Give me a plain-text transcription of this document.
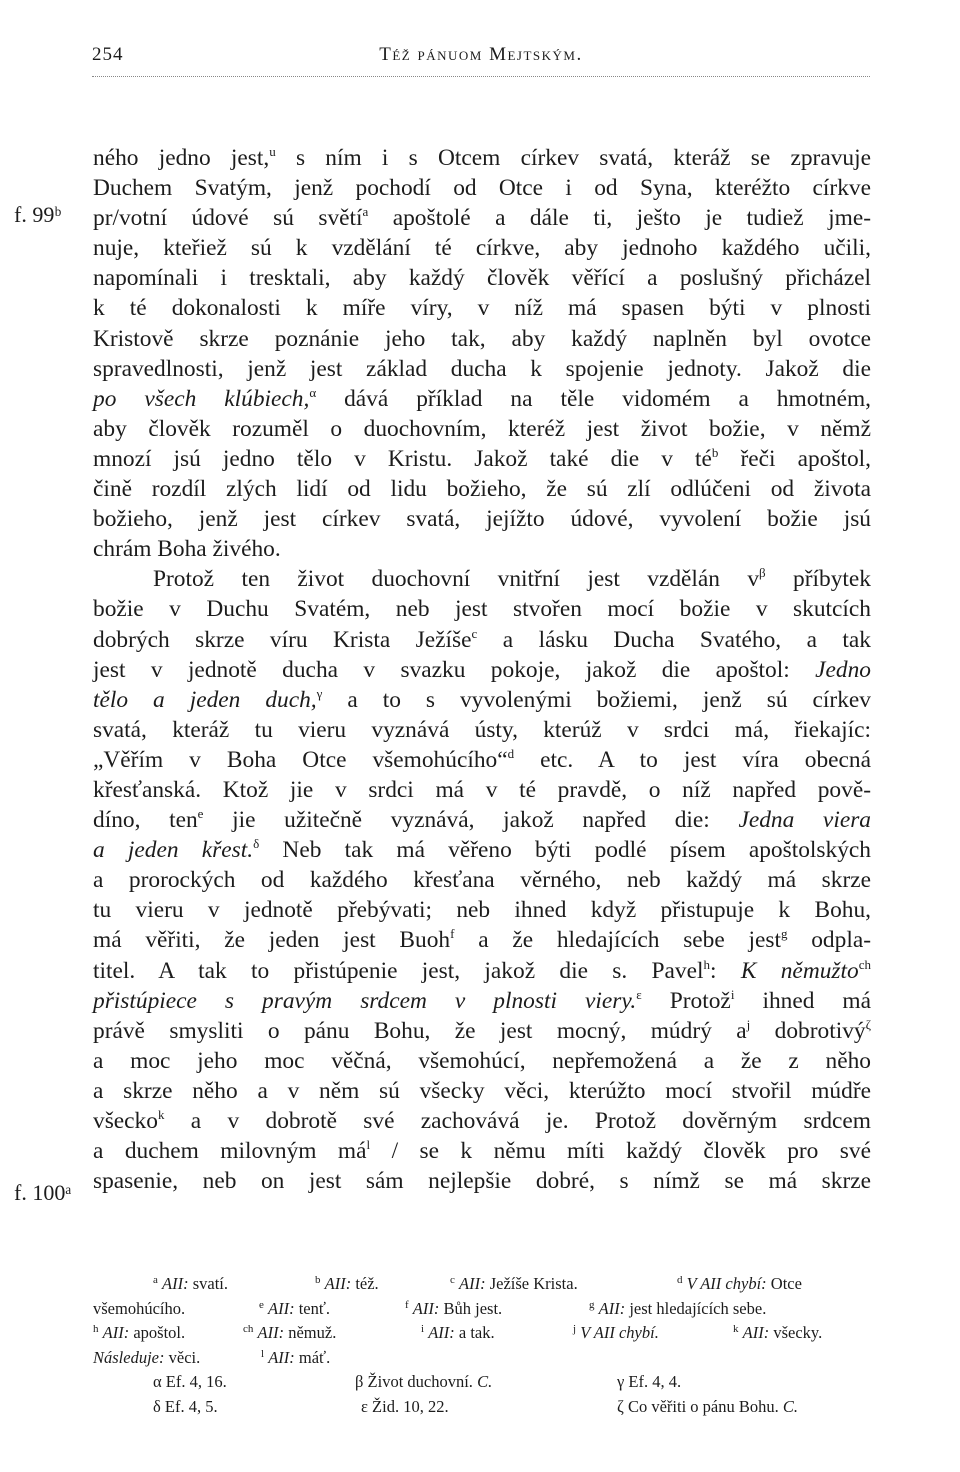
254	Též pánuom Mejtským.
f. 99ᵇ
f. 100ᵃ
ného jedno jest,$^u$ s ním i s Otcem církev svatá, kteráž se zpravuje
Duchem Svatým, jenž pochodí od Otce i od Syna, kteréžto církve
pr/votní údové sú světí$^a$ apoštolé a dále ti, ješto je tudiež jme-
nuje, kteřiež sú k vzdělání té církve, aby jednoho každého učili,
napomínali i tresktali, aby každý člověk věřící a poslušný přicházel
k té dokonalosti k míře víry, v níž má spasen býti v plnosti
Kristově skrze poznánie jeho tak, aby každý naplněn byl ovotce
spravedlnosti, jenž jest základ ducha k spojenie jednoty. Jakož die
po všech klúbiech,$^\alpha$ dává příklad na těle vidomém a hmotném,
aby člověk rozuměl o duochovním, kteréž jest život božie, v němž
mnozí jsú jedno tělo v Kristu. Jakož také die v $té^b$ řeči apoštol,
čině rozdíl zlých lidí od lidu božieho, že sú zlí odlúčeni od života
božieho, jenž jest církev svatá, jejížto údové, vyvolení božie jsú
chrám Boha živého.
Protož ten život duochovní vnitřní jest vzdělán $v^\beta$ příbytek
božie v Duchu Svatém, neb jest stvořen mocí božie v skutcích
dobrých skrze víru Krista Ježíše$^c$ a lásku Ducha Svatého, a tak
jest v jednotě ducha v svazku pokoje, jakož die apoštol: Jedno
tělo a jeden duch,$^\gamma$ a to s vyvolenými božiemi, jenž sú církev
svatá, kteráž tu vieru vyznává ústy, kterúž v srdci má, řiekajíc:
„Věřím v Boha Otce všemohúcího“$^d$ etc. A to jest víra obecná
křesťanská. Ktož jie v srdci má v té pravdě, o níž napřed pově-
díno, ten$^e$ jie užitečně vyznává, jakož napřed die: Jedna viera
a jeden křest.$^\delta$ Neb tak má věřeno býti podlé písem apoštolských
a prorockých od každého křesťana věrného, neb každý má skrze
tu vieru v jednotě přebývati; neb ihned když přistupuje k Bohu,
má věřiti, že jeden jest Buoh$^f$ a že hledajících sebe jest$^g$ odpla-
titel. A tak to přistúpenie jest, jakož die s. Pavel$^h$: K němužto$^{ch}$
přistúpiece s pravým srdcem v plnosti viery.$^\varepsilon$ Protož$^i$ ihned má
právě smysliti o pánu Bohu, že jest mocný, múdrý $a^j$ dobrotivý$^\zeta$
a moc jeho moc věčná, všemohúcí, nepřemožená a že z něho
a skrze něho a v něm sú všecky věci, kterúžto mocí stvořil múdře
všecko$^k$ a v dobrotě své zachovává je. Protož dověrným srdcem
a duchem milovným $má^l$ / se k němu míti každý člověk pro své
spasenie, neb on jest sám nejlepšie dobré, s nímž se má skrze
$^a$ AII: svatí.	$^b$ AII: též.	$^c$ AII: Ježíše Krista.	$^d$ V AII chybí: Otce
všemohúcího.	$^e$ AII: tenť.	$^f$ AII: Bůh jest.	$^g$ AII: jest hledajících sebe.
$^h$ AII: apoštol.	$^{ch}$ AII: němuž.	$^i$ AII: a tak.	$^j$ V AII chybí.	$^k$ AII: všecky.
Následuje: věci.	$^l$ AII: máť.
α Ef. 4, 16.	β Život duchovní. C.	γ Ef. 4, 4.
δ Ef. 4, 5.	ε Žid. 10, 22.	ζ Co věřiti o pánu Bohu. C.
